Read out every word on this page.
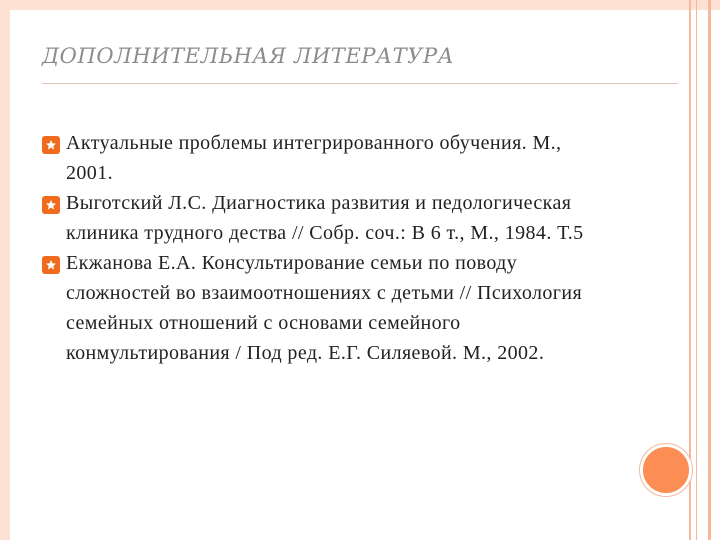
ДОПОЛНИТЕЛЬНАЯ ЛИТЕРАТУРА
Актуальные проблемы интегрированного обучения. М., 2001.
Выготский Л.С. Диагностика развития и педологическая клиника трудного дества // Собр. соч.: В 6 т., М., 1984. Т.5
Екжанова Е.А. Консультирование семьи по поводу сложностей во взаимоотношениях с детьми // Психология семейных отношений с основами семейного конмультирования / Под ред. Е.Г. Силяевой. М., 2002.
